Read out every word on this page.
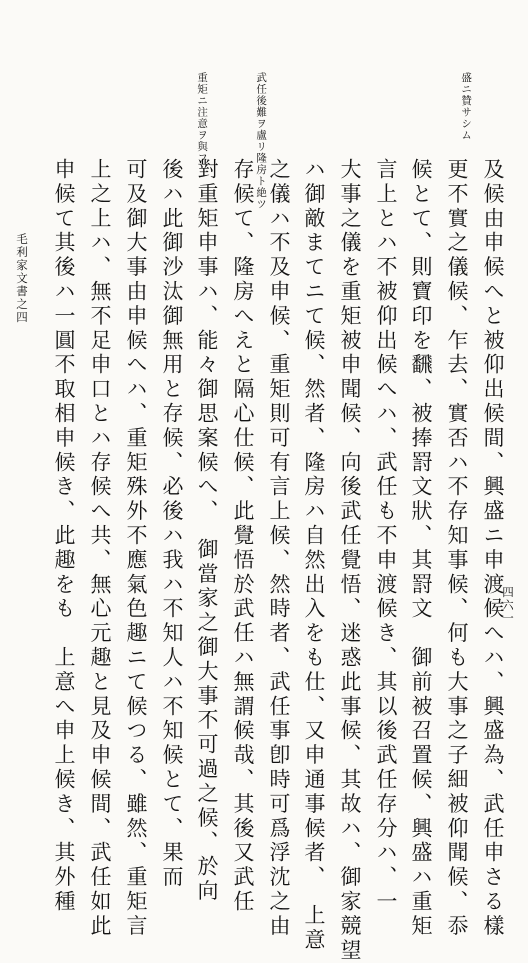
盛ニ贊サシム

武任後難ヲ盧リ隆房ト絶ツ

重矩ニ注意ヲ與フ

及候由申候へと被仰出候間、興盛ニ申渡候へハ、興盛為、武任申さる樣

更不實之儀候、乍去、實否ハ不存知事候、何も大事之子細被仰聞候、忝

候とて、則寶印を飜、被捧罸文狀、其罸文　御前被召置候、興盛ハ重矩

言上とハ不被仰出候へハ、武任も不申渡候き、其以後武任存分ハ、一

大事之儀を重矩被申聞候、向後武任覺悟、迷惑此事候、其故ハ、御家競望

ハ御敵まてニて候、然者、隆房ハ自然出入をも仕、又申通事候者、　上意

之儀ハ不及申候、重矩則可有言上候、然時者、武任事卽時可爲浮沈之由

存候て、隆房へえと隔心仕候、此覺悟於武任ハ無謂候哉、其後又武任

對重矩申事ハ、能々御思案候へ、　御當家之御大事不可過之候、於向

後ハ此御沙汰御無用と存候、必後ハ我ハ不知人ハ不知候とて、果而

可及御大事由申候へハ、重矩殊外不應氣色趣ニて候つる、雖然、重矩言

上之上ハ、無不足申口とハ存候へ共、無心元趣と見及申候間、武任如此

申候て其後ハ一圓不取相申候き、此趣をも　上意へ申上候き、其外種

毛利家文書之四

四六一
